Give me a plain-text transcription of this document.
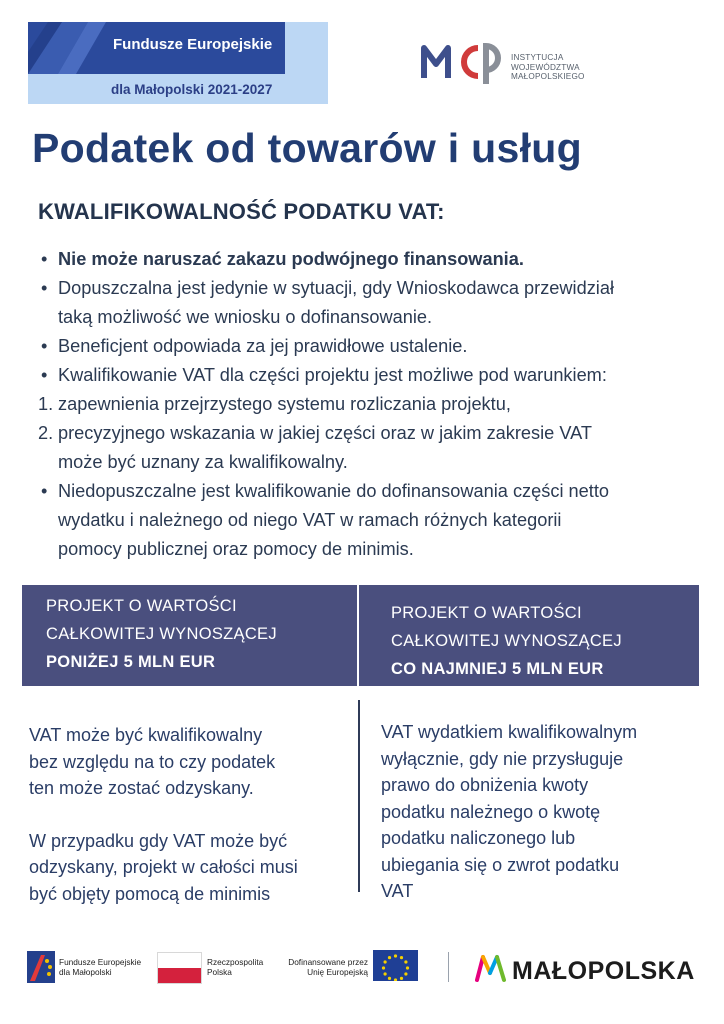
Fundusze Europejskie
dla Małopolski 2021-2027
INSTYTUCJA
WOJEWÓDZTWA
MAŁOPOLSKIEGO
Podatek od towarów i usług
KWALIFIKOWALNOŚĆ PODATKU VAT:
• Nie może naruszać zakazu podwójnego finansowania.
• Dopuszczalna jest jedynie w sytuacji, gdy Wnioskodawca przewidział
taką możliwość we wniosku o dofinansowanie.
• Beneficjent odpowiada za jej prawidłowe ustalenie.
• Kwalifikowanie VAT dla części projektu jest możliwe pod warunkiem:
1. zapewnienia przejrzystego systemu rozliczania projektu,
2. precyzyjnego wskazania w jakiej części oraz w jakim zakresie VAT
może być uznany za kwalifikowalny.
• Niedopuszczalne jest kwalifikowanie do dofinansowania części netto
wydatku i należnego od niego VAT w ramach różnych kategorii
pomocy publicznej oraz pomocy de minimis.
PROJEKT O WARTOŚCI
CAŁKOWITEJ WYNOSZĄCEJ
PONIŻEJ 5 MLN EUR
PROJEKT O WARTOŚCI
CAŁKOWITEJ WYNOSZĄCEJ
CO NAJMNIEJ 5 MLN EUR
VAT może być kwalifikowalny
bez względu na to czy podatek
ten może zostać odzyskany.
W przypadku gdy VAT może być
odzyskany, projekt w całości musi
być objęty pomocą de minimis
VAT wydatkiem kwalifikowalnym
wyłącznie, gdy nie przysługuje
prawo do obniżenia kwoty
podatku należnego o kwotę
podatku naliczonego lub
ubiegania się o zwrot podatku
VAT
Fundusze Europejskie
dla Małopolski
Rzeczpospolita
Polska
Dofinansowane przez
Unię Europejską	MAŁOPOLSKA
